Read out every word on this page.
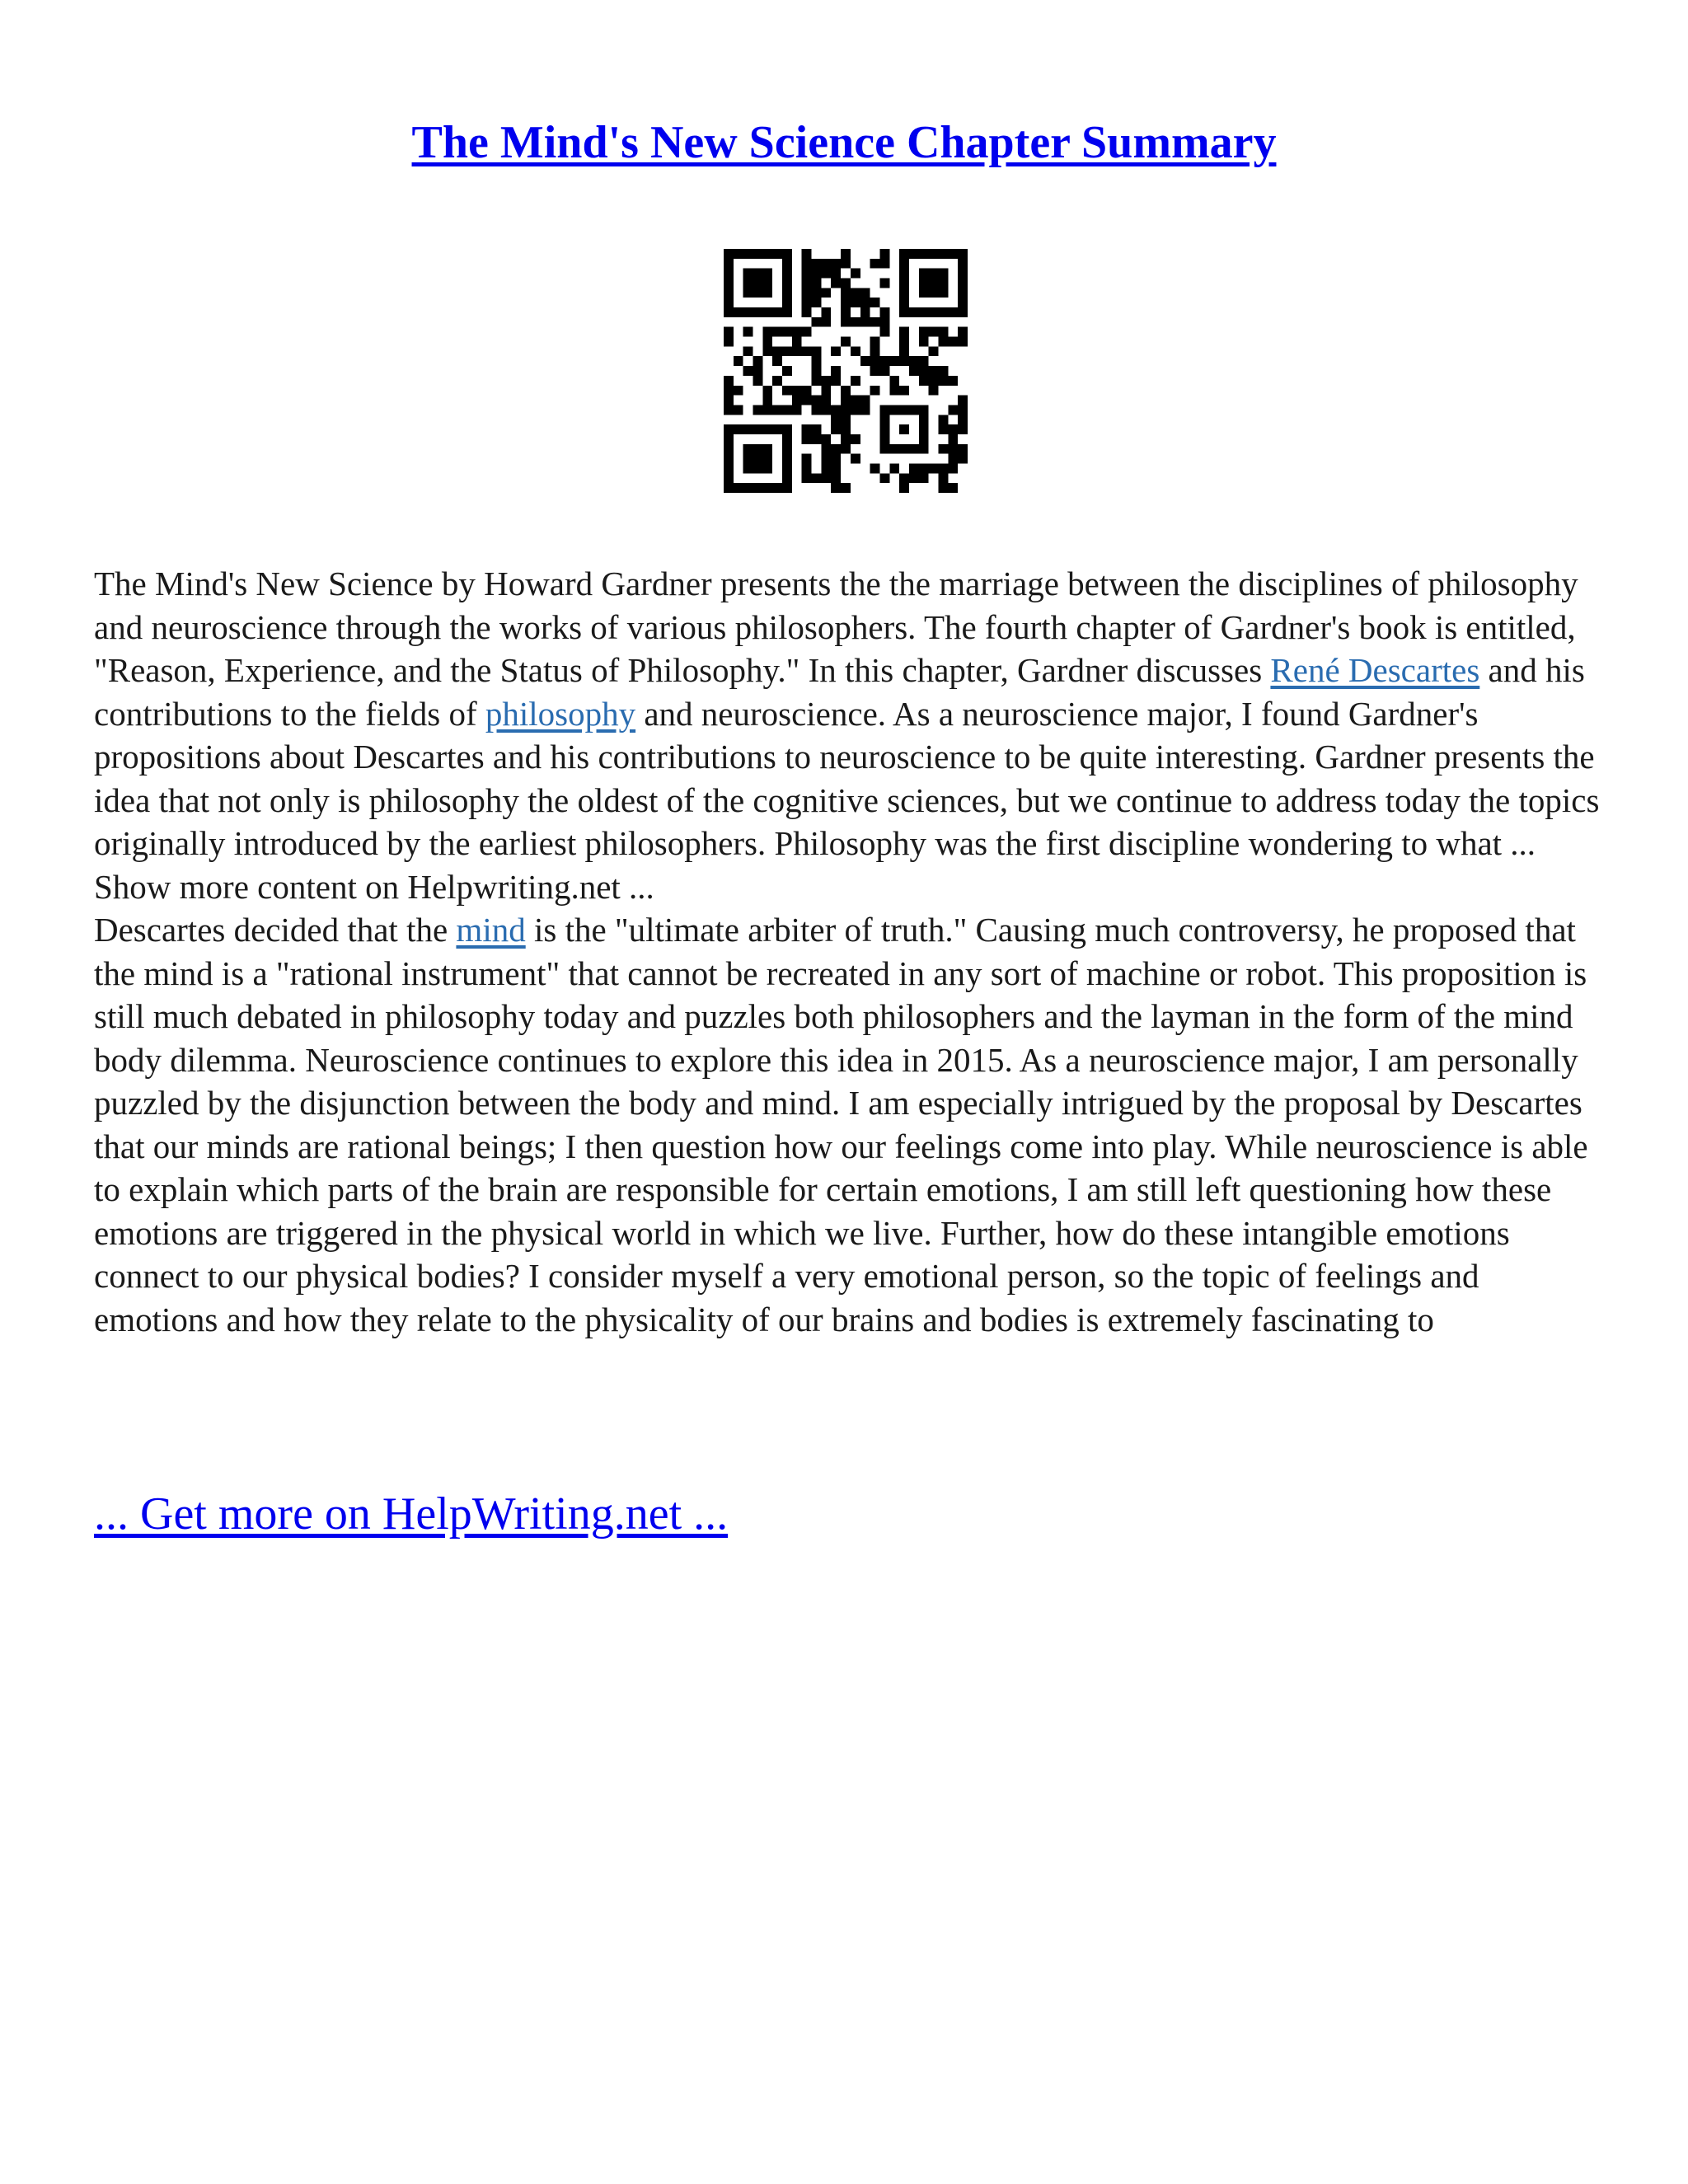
The Mind's New Science Chapter Summary

The Mind's New Science by Howard Gardner presents the the marriage between the disciplines of philosophy and neuroscience through the works of various philosophers. The fourth chapter of Gardner's book is entitled, "Reason, Experience, and the Status of Philosophy." In this chapter, Gardner discusses René Descartes and his contributions to the fields of philosophy and neuroscience. As a neuroscience major, I found Gardner's propositions about Descartes and his contributions to neuroscience to be quite interesting. Gardner presents the idea that not only is philosophy the oldest of the cognitive sciences, but we continue to address today the topics originally introduced by the earliest philosophers. Philosophy was the first discipline wondering to what ... Show more content on Helpwriting.net ...

Descartes decided that the mind is the "ultimate arbiter of truth." Causing much controversy, he proposed that the mind is a "rational instrument" that cannot be recreated in any sort of machine or robot. This proposition is still much debated in philosophy today and puzzles both philosophers and the layman in the form of the mind body dilemma. Neuroscience continues to explore this idea in 2015. As a neuroscience major, I am personally puzzled by the disjunction between the body and mind. I am especially intrigued by the proposal by Descartes that our minds are rational beings; I then question how our feelings come into play. While neuroscience is able to explain which parts of the brain are responsible for certain emotions, I am still left questioning how these emotions are triggered in the physical world in which we live. Further, how do these intangible emotions connect to our physical bodies? I consider myself a very emotional person, so the topic of feelings and emotions and how they relate to the physicality of our brains and bodies is extremely fascinating to

... Get more on HelpWriting.net ...
